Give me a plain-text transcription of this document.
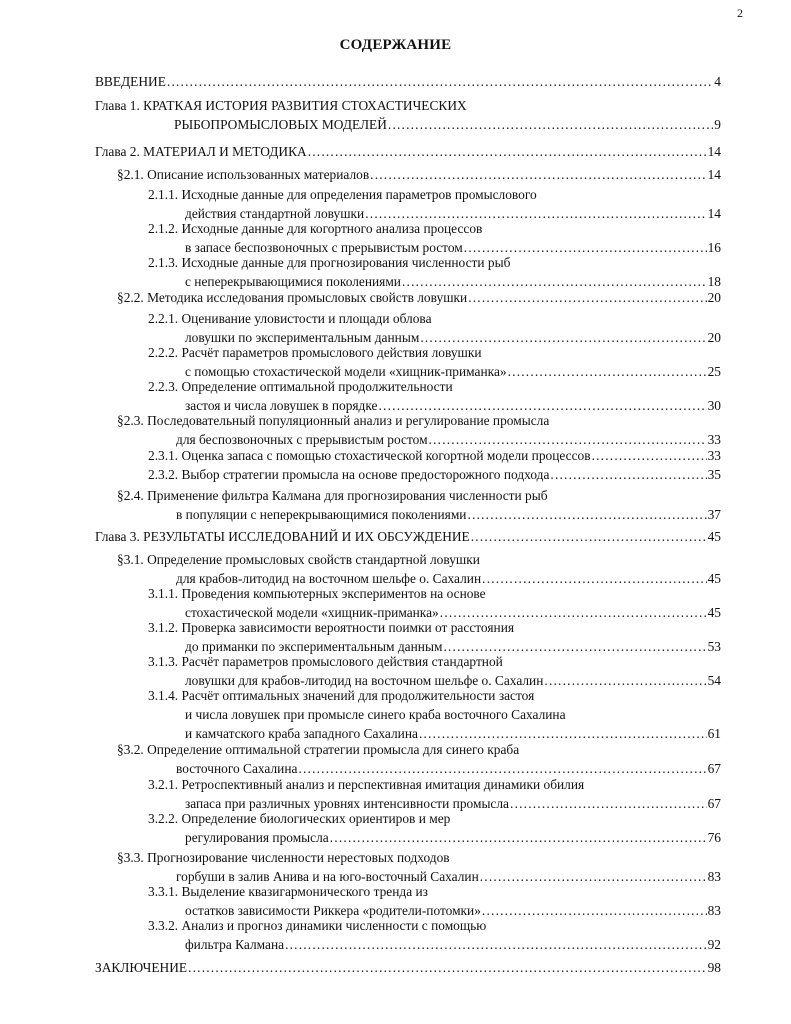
2
СОДЕРЖАНИЕ
ВВЕДЕНИЕ .....	4
Глава 1. КРАТКАЯ ИСТОРИЯ РАЗВИТИЯ СТОХАСТИЧЕСКИХ
РЫБОПРОМЫСЛОВЫХ МОДЕЛЕЙ .....	9
Глава 2. МАТЕРИАЛ И МЕТОДИКА .....	14
§2.1. Описание использованных материалов .....	14
2.1.1. Исходные данные для определения параметров промыслового
действия стандартной ловушки .....	14
2.1.2. Исходные данные для когортного анализа процессов
в запасе беспозвоночных с прерывистым ростом .....	16
2.1.3. Исходные данные для прогнозирования численности рыб
с неперекрывающимися поколениями .....	18
§2.2. Методика исследования промысловых свойств ловушки .....	20
2.2.1. Оценивание уловистости и площади облова
ловушки по экспериментальным данным .....	20
2.2.2. Расчёт параметров промыслового действия ловушки
с помощью стохастической модели «хищник-приманка» .....	25
2.2.3. Определение оптимальной продолжительности
застоя и числа ловушек в порядке .....	30
§2.3. Последовательный популяционный анализ и регулирование промысла
для беспозвоночных с прерывистым ростом .....	33
2.3.1. Оценка запаса с помощью стохастической когортной модели процессов .....	33
2.3.2. Выбор стратегии промысла на основе предосторожного подхода .....	35
§2.4. Применение фильтра Калмана для прогнозирования численности рыб
в популяции с неперекрывающимися поколениями .....	37
Глава 3. РЕЗУЛЬТАТЫ ИССЛЕДОВАНИЙ И ИХ ОБСУЖДЕНИЕ .....	45
§3.1. Определение промысловых свойств стандартной ловушки
для крабов-литодид на восточном шельфе о. Сахалин .....	45
3.1.1. Проведения компьютерных экспериментов на основе
стохастической модели «хищник-приманка» .....	45
3.1.2. Проверка зависимости вероятности поимки от расстояния
до приманки по экспериментальным данным .....	53
3.1.3. Расчёт параметров промыслового действия стандартной
ловушки для крабов-литодид на восточном шельфе о. Сахалин .....	54
3.1.4. Расчёт оптимальных значений для продолжительности застоя
и числа ловушек при промысле синего краба восточного Сахалина
и камчатского краба западного Сахалина .....	61
§3.2. Определение оптимальной стратегии промысла для синего краба
восточного Сахалина .....	67
3.2.1. Ретроспективный анализ и перспективная имитация динамики обилия
запаса при различных уровнях интенсивности промысла .....	67
3.2.2. Определение биологических ориентиров и мер
регулирования промысла .....	76
§3.3. Прогнозирование численности нерестовых подходов
горбуши в залив Анива и на юго-восточный Сахалин .....	83
3.3.1. Выделение квазигармонического тренда из
остатков зависимости Риккера «родители-потомки» .....	83
3.3.2. Анализ и прогноз динамики численности с помощью
фильтра Калмана .....	92
ЗАКЛЮЧЕНИЕ .....	98
